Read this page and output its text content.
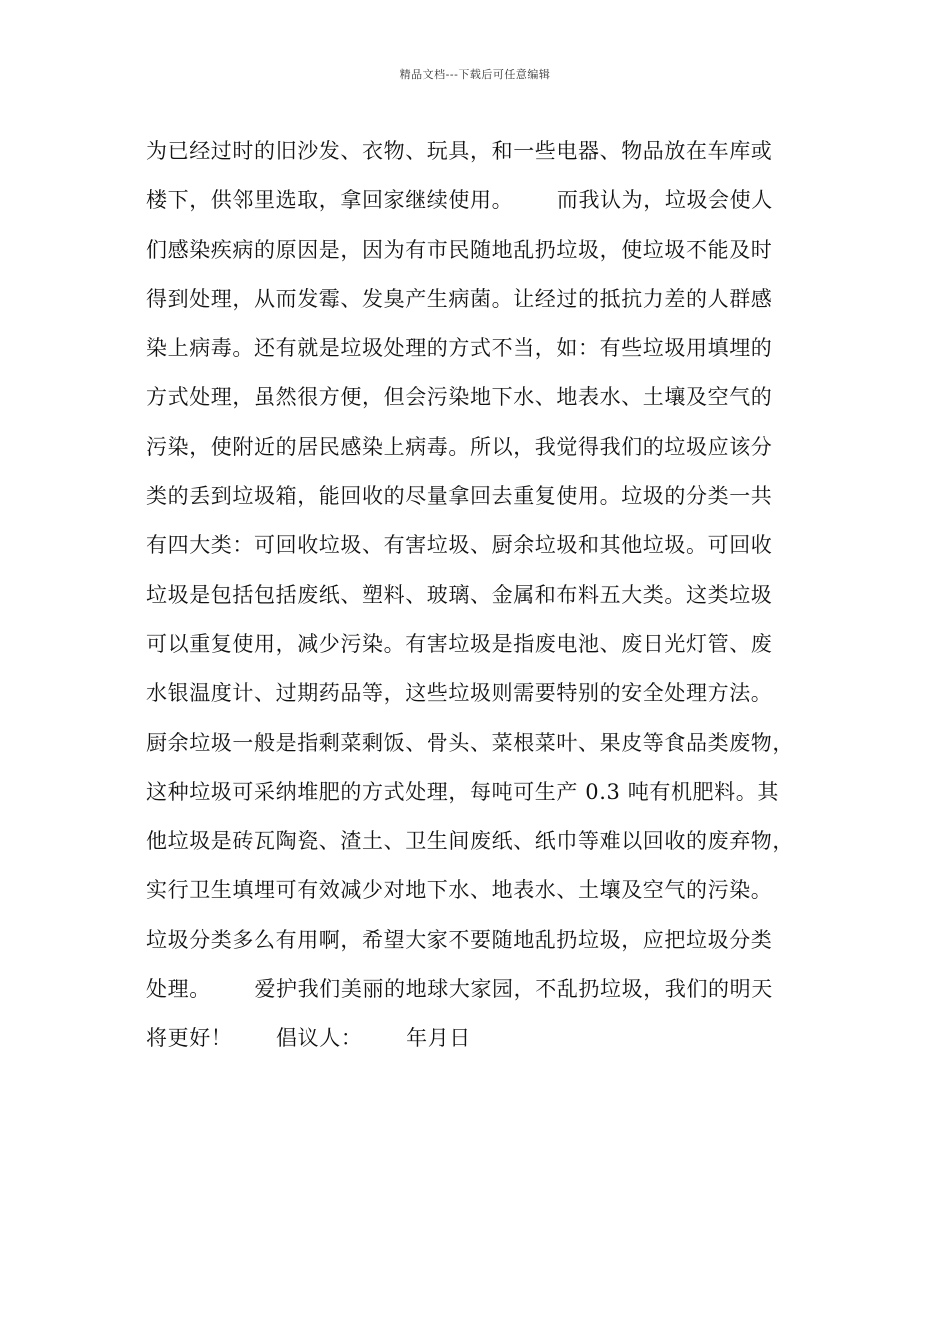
精品文档---下载后可任意编辑
为已经过时的旧沙发、衣物、玩具，和一些电器、物品放在车库或
楼下，供邻里选取，拿回家继续使用。      而我认为，垃圾会使人
们感染疾病的原因是，因为有市民随地乱扔垃圾，使垃圾不能及时
得到处理，从而发霉、发臭产生病菌。让经过的抵抗力差的人群感
染上病毒。还有就是垃圾处理的方式不当，如：有些垃圾用填埋的
方式处理，虽然很方便，但会污染地下水、地表水、土壤及空气的
污染，使附近的居民感染上病毒。所以，我觉得我们的垃圾应该分
类的丢到垃圾箱，能回收的尽量拿回去重复使用。垃圾的分类一共
有四大类：可回收垃圾、有害垃圾、厨余垃圾和其他垃圾。可回收
垃圾是包括包括废纸、塑料、玻璃、金属和布料五大类。这类垃圾
可以重复使用，减少污染。有害垃圾是指废电池、废日光灯管、废
水银温度计、过期药品等，这些垃圾则需要特别的安全处理方法。
厨余垃圾一般是指剩菜剩饭、骨头、菜根菜叶、果皮等食品类废物，
这种垃圾可采纳堆肥的方式处理，每吨可生产 0.3 吨有机肥料。其
他垃圾是砖瓦陶瓷、渣土、卫生间废纸、纸巾等难以回收的废弃物，
实行卫生填埋可有效减少对地下水、地表水、土壤及空气的污染。
垃圾分类多么有用啊，希望大家不要随地乱扔垃圾，应把垃圾分类
处理。      爱护我们美丽的地球大家园，不乱扔垃圾，我们的明天
将更好！      倡议人：      年月日
